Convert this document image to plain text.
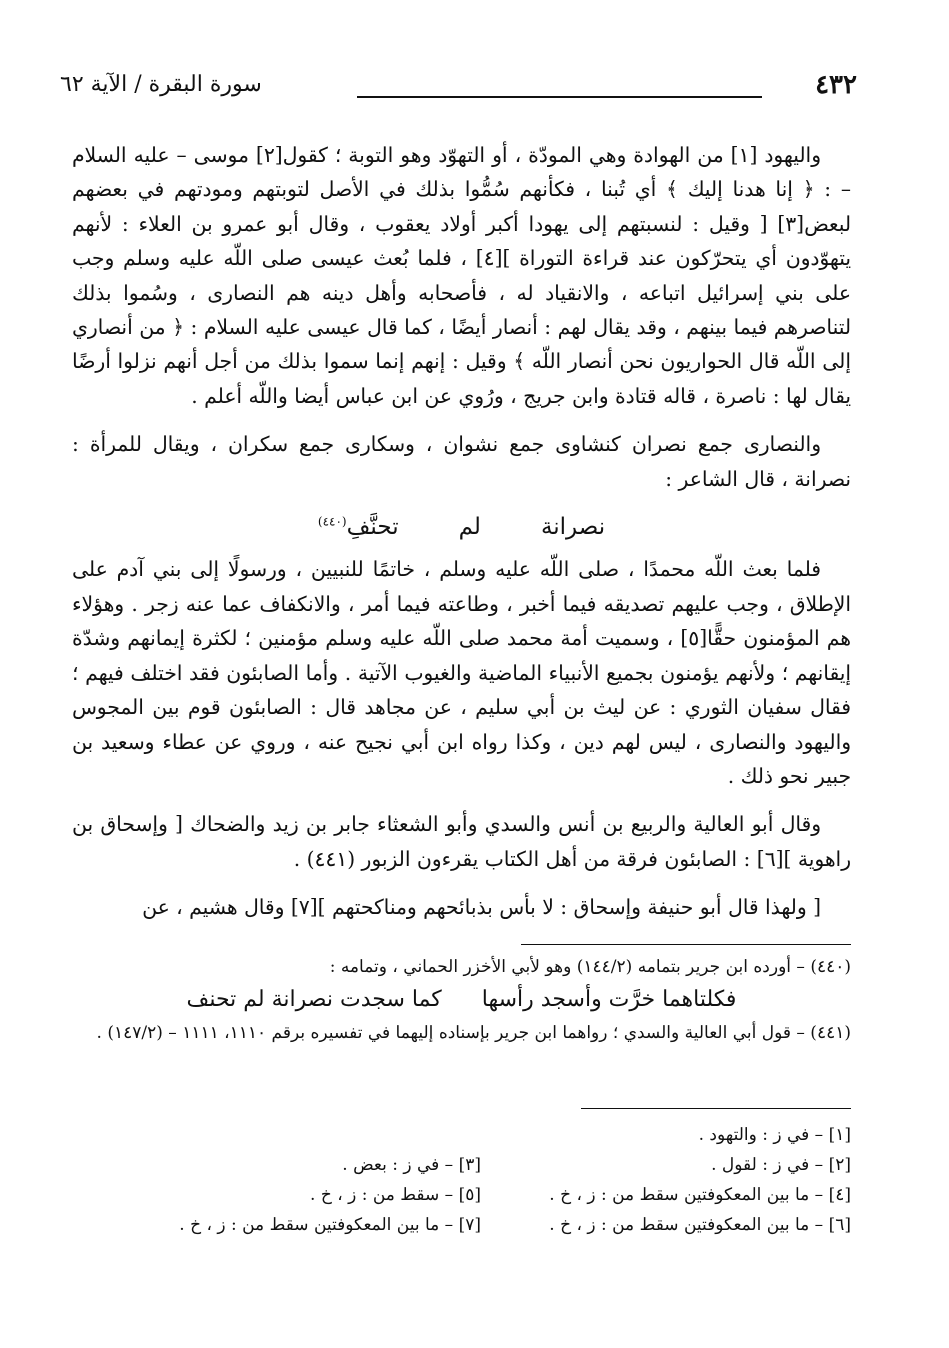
٤٣٢
سورة البقرة / الآية ٦٢

واليهود [١] من الهوادة وهي المودّة ، أو التهوّد وهو التوبة ؛ كقول[٢] موسى – عليه السلام – : ﴿ إنا هدنا إليك ﴾ أي تُبنا ، فكأنهم سُمُّوا بذلك في الأصل لتوبتهم ومودتهم في بعضهم لبعض[٣] [ وقيل : لنسبتهم إلى يهودا أكبر أولاد يعقوب ، وقال أبو عمرو بن العلاء : لأنهم يتهوّدون أي يتحرّكون عند قراءة التوراة ][٤] ، فلما بُعث عيسى صلى اللّه عليه وسلم وجب على بني إسرائيل اتباعه ، والانقياد له ، فأصحابه وأهل دينه هم النصارى ، وسُموا بذلك لتناصرهم فيما بينهم ، وقد يقال لهم : أنصار أيضًا ، كما قال عيسى عليه السلام : ﴿ من أنصاري إلى اللّه قال الحواريون نحن أنصار اللّه ﴾ وقيل : إنهم إنما سموا بذلك من أجل أنهم نزلوا أرضًا يقال لها : ناصرة ، قاله قتادة وابن جريج ، ورُوي عن ابن عباس أيضا واللّه أعلم .

والنصارى جمع نصران كنشاوى جمع نشوان ، وسكارى جمع سكران ، ويقال للمرأة : نصرانة ، قال الشاعر :

نصرانةلمتحنَّفِ$^{(٤٤٠)}$

فلما بعث اللّه محمدًا ، صلى اللّه عليه وسلم ، خاتمًا للنبيين ، ورسولًا إلى بني آدم على الإطلاق ، وجب عليهم تصديقه فيما أخبر ، وطاعته فيما أمر ، والانكفاف عما عنه زجر . وهؤلاء هم المؤمنون حقًّا[٥] ، وسميت أمة محمد صلى اللّه عليه وسلم مؤمنين ؛ لكثرة إيمانهم وشدّة إيقانهم ؛ ولأنهم يؤمنون بجميع الأنبياء الماضية والغيوب الآتية . وأما الصابئون فقد اختلف فيهم ؛ فقال سفيان الثوري : عن ليث بن أبي سليم ، عن مجاهد قال : الصابئون قوم بين المجوس واليهود والنصارى ، ليس لهم دين ، وكذا رواه ابن أبي نجيح عنه ، وروي عن عطاء وسعيد بن جبير نحو ذلك .

وقال أبو العالية والربيع بن أنس والسدي وأبو الشعثاء جابر بن زيد والضحاك [ وإسحاق بن راهوية ][٦] : الصابئون فرقة من أهل الكتاب يقرءون الزبور (٤٤١) .

[ ولهذا قال أبو حنيفة وإسحاق : لا بأس بذبائحهم ومناكحتهم ][٧] وقال هشيم ، عن

(٤٤٠) – أورده ابن جرير بتمامه (١٤٤/٢) وهو لأبي الأخزر الحماني ، وتمامه :

فكلتاهما خرَّت وأسجد رأسهاكما سجدت نصرانة لم تحنف

(٤٤١) – قول أبي العالية والسدي ؛ رواهما ابن جرير بإسناده إليهما في تفسيره برقم ١١١٠، ١١١١ – (١٤٧/٢) .

[١] – في ز : والتهود .
[٢] – في ز : لقول .
[٣] – في ز : بعض .
[٤] – ما بين المعكوفتين سقط من : ز ، خ .
[٥] – سقط من : ز ، خ .
[٦] – ما بين المعكوفتين سقط من : ز ، خ .
[٧] – ما بين المعكوفتين سقط من : ز ، خ .
